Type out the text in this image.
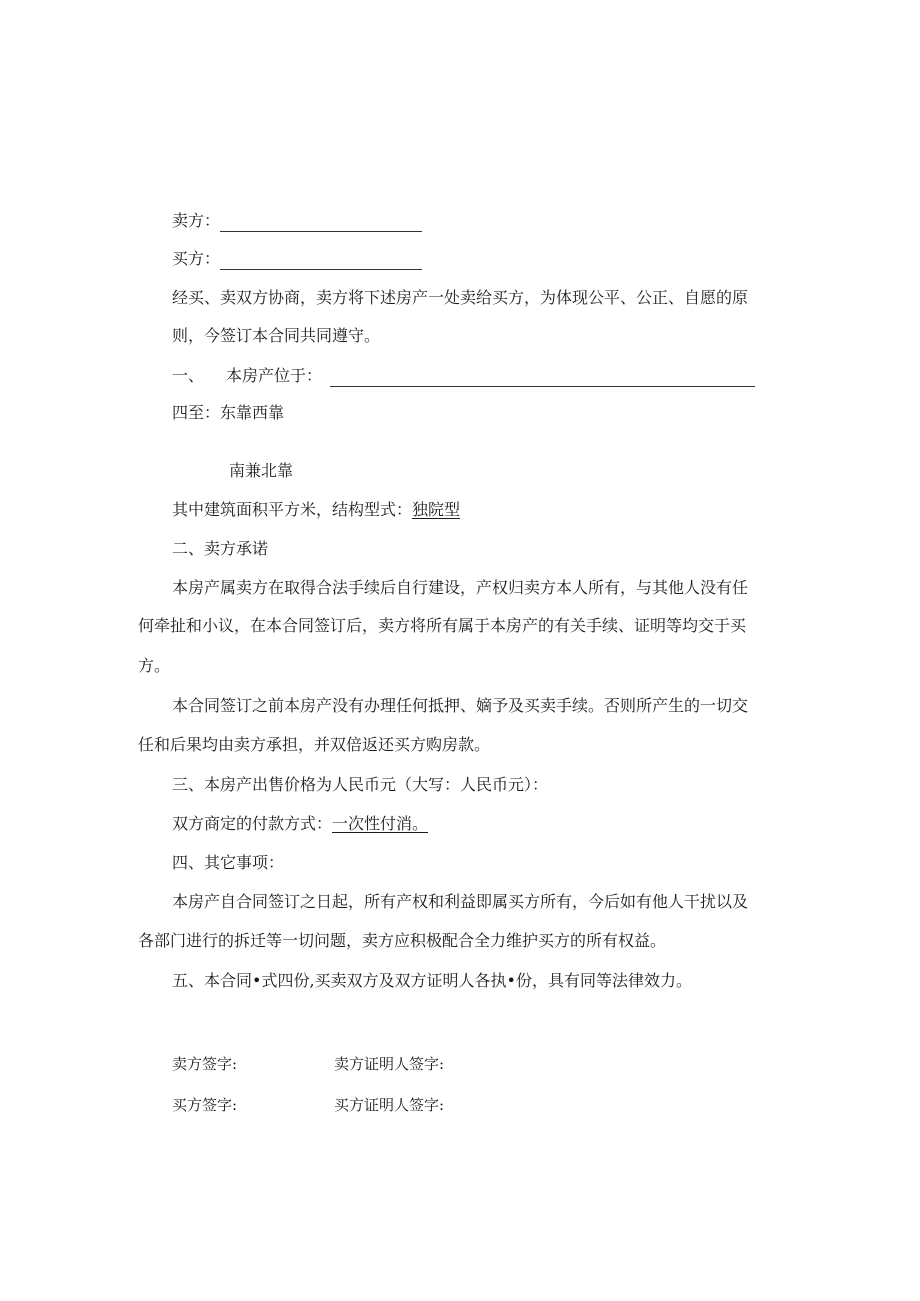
卖方：
买方：
经买、卖双方协商，卖方将下述房产一处卖给买方，为体现公平、公正、自愿的原
则，今签订本合同共同遵守。
一、 本房产位于：
四至：东靠西靠
南兼北靠
其中建筑面积平方米，结构型式：独院型
二、卖方承诺
本房产属卖方在取得合法手续后自行建设，产权归卖方本人所有，与其他人没有任
何牵扯和小议，在本合同签订后，卖方将所有属于本房产的有关手续、证明等均交于买
方。
本合同签订之前本房产没有办理任何抵押、嫡予及买卖手续。否则所产生的一切交
任和后果均由卖方承担，并双倍返还买方购房款。
三、本房产出售价格为人民币元（大写：人民币元）：
双方商定的付款方式：一次性付消。
四、其它事项：
本房产自合同签订之日起，所有产权和利益即属买方所有，今后如有他人干扰以及
各部门进行的拆迁等一切问题，卖方应积极配合全力维护买方的所有权益。
五、本合同•式四份,买卖双方及双方证明人各执•份，具有同等法律效力。
卖方签字:	卖方证明人签字:
买方签字:	买方证明人签字:
